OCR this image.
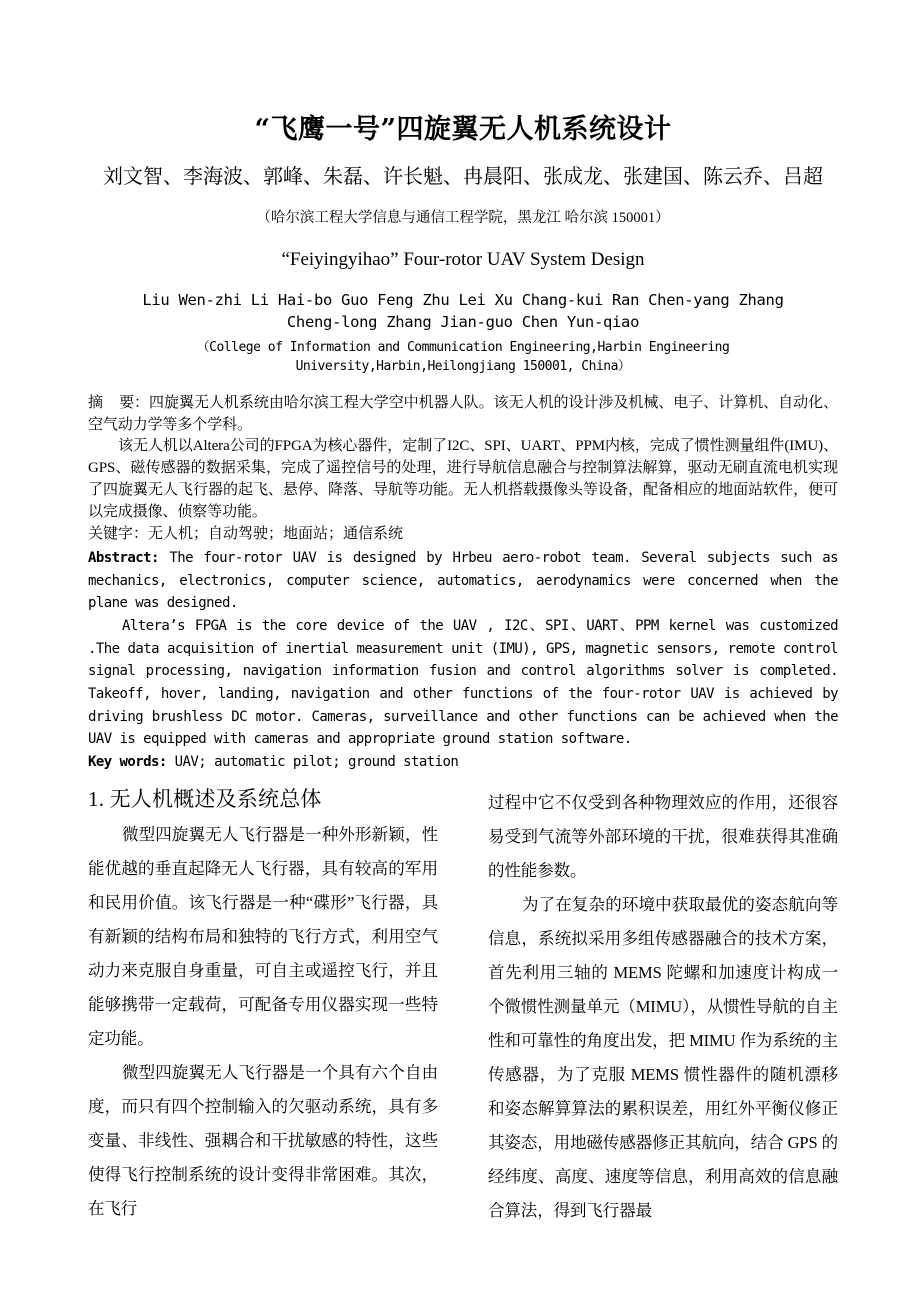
“飞鹰一号”四旋翼无人机系统设计
刘文智、李海波、郭峰、朱磊、许长魁、冉晨阳、张成龙、张建国、陈云乔、吕超
（哈尔滨工程大学信息与通信工程学院，黑龙江 哈尔滨 150001）
“Feiyingyihao” Four-rotor UAV System Design
Liu Wen-zhi Li Hai-bo Guo Feng Zhu Lei Xu Chang-kui Ran Chen-yang Zhang
Cheng-long Zhang Jian-guo Chen Yun-qiao
（College of Information and Communication Engineering,Harbin Engineering
University,Harbin,Heilongjiang 150001, China）

摘 要：四旋翼无人机系统由哈尔滨工程大学空中机器人队。该无人机的设计涉及机械、电子、计算机、自动化、空气动力学等多个学科。

该无人机以Altera公司的FPGA为核心器件，定制了I2C、SPI、UART、PPM内核，完成了惯性测量组件(IMU)、GPS、磁传感器的数据采集，完成了遥控信号的处理，进行导航信息融合与控制算法解算，驱动无刷直流电机实现了四旋翼无人飞行器的起飞、悬停、降落、导航等功能。无人机搭载摄像头等设备，配备相应的地面站软件，便可以完成摄像、侦察等功能。

关键字：无人机；自动驾驶；地面站；通信系统

Abstract: The four-rotor UAV is designed by Hrbeu aero-robot team. Several subjects such as mechanics, electronics, computer science, automatics, aerodynamics were concerned when the plane was designed.

Altera’s FPGA is the core device of the UAV , I2C、SPI、UART、PPM kernel was customized .The data acquisition of inertial measurement unit (IMU), GPS, magnetic sensors, remote control signal processing, navigation information fusion and control algorithms solver is completed. Takeoff, hover, landing, navigation and other functions of the four-rotor UAV is achieved by driving brushless DC motor. Cameras, surveillance and other functions can be achieved when the UAV is equipped with cameras and appropriate ground station software.

Key words: UAV; automatic pilot; ground station
1. 无人机概述及系统总体

微型四旋翼无人飞行器是一种外形新颖，性能优越的垂直起降无人飞行器，具有较高的军用和民用价值。该飞行器是一种“碟形”飞行器，具有新颖的结构布局和独特的飞行方式，利用空气动力来克服自身重量，可自主或遥控飞行，并且能够携带一定载荷，可配备专用仪器实现一些特定功能。

微型四旋翼无人飞行器是一个具有六个自由度，而只有四个控制输入的欠驱动系统，具有多变量、非线性、强耦合和干扰敏感的特性，这些使得飞行控制系统的设计变得非常困难。其次，在飞行

过程中它不仅受到各种物理效应的作用，还很容易受到气流等外部环境的干扰，很难获得其准确的性能参数。

为了在复杂的环境中获取最优的姿态航向等信息，系统拟采用多组传感器融合的技术方案，首先利用三轴的 MEMS 陀螺和加速度计构成一个微惯性测量单元（MIMU），从惯性导航的自主性和可靠性的角度出发，把 MIMU 作为系统的主传感器，为了克服 MEMS 惯性器件的随机漂移和姿态解算算法的累积误差，用红外平衡仪修正其姿态，用地磁传感器修正其航向，结合 GPS 的经纬度、高度、速度等信息，利用高效的信息融合算法，得到飞行器最
